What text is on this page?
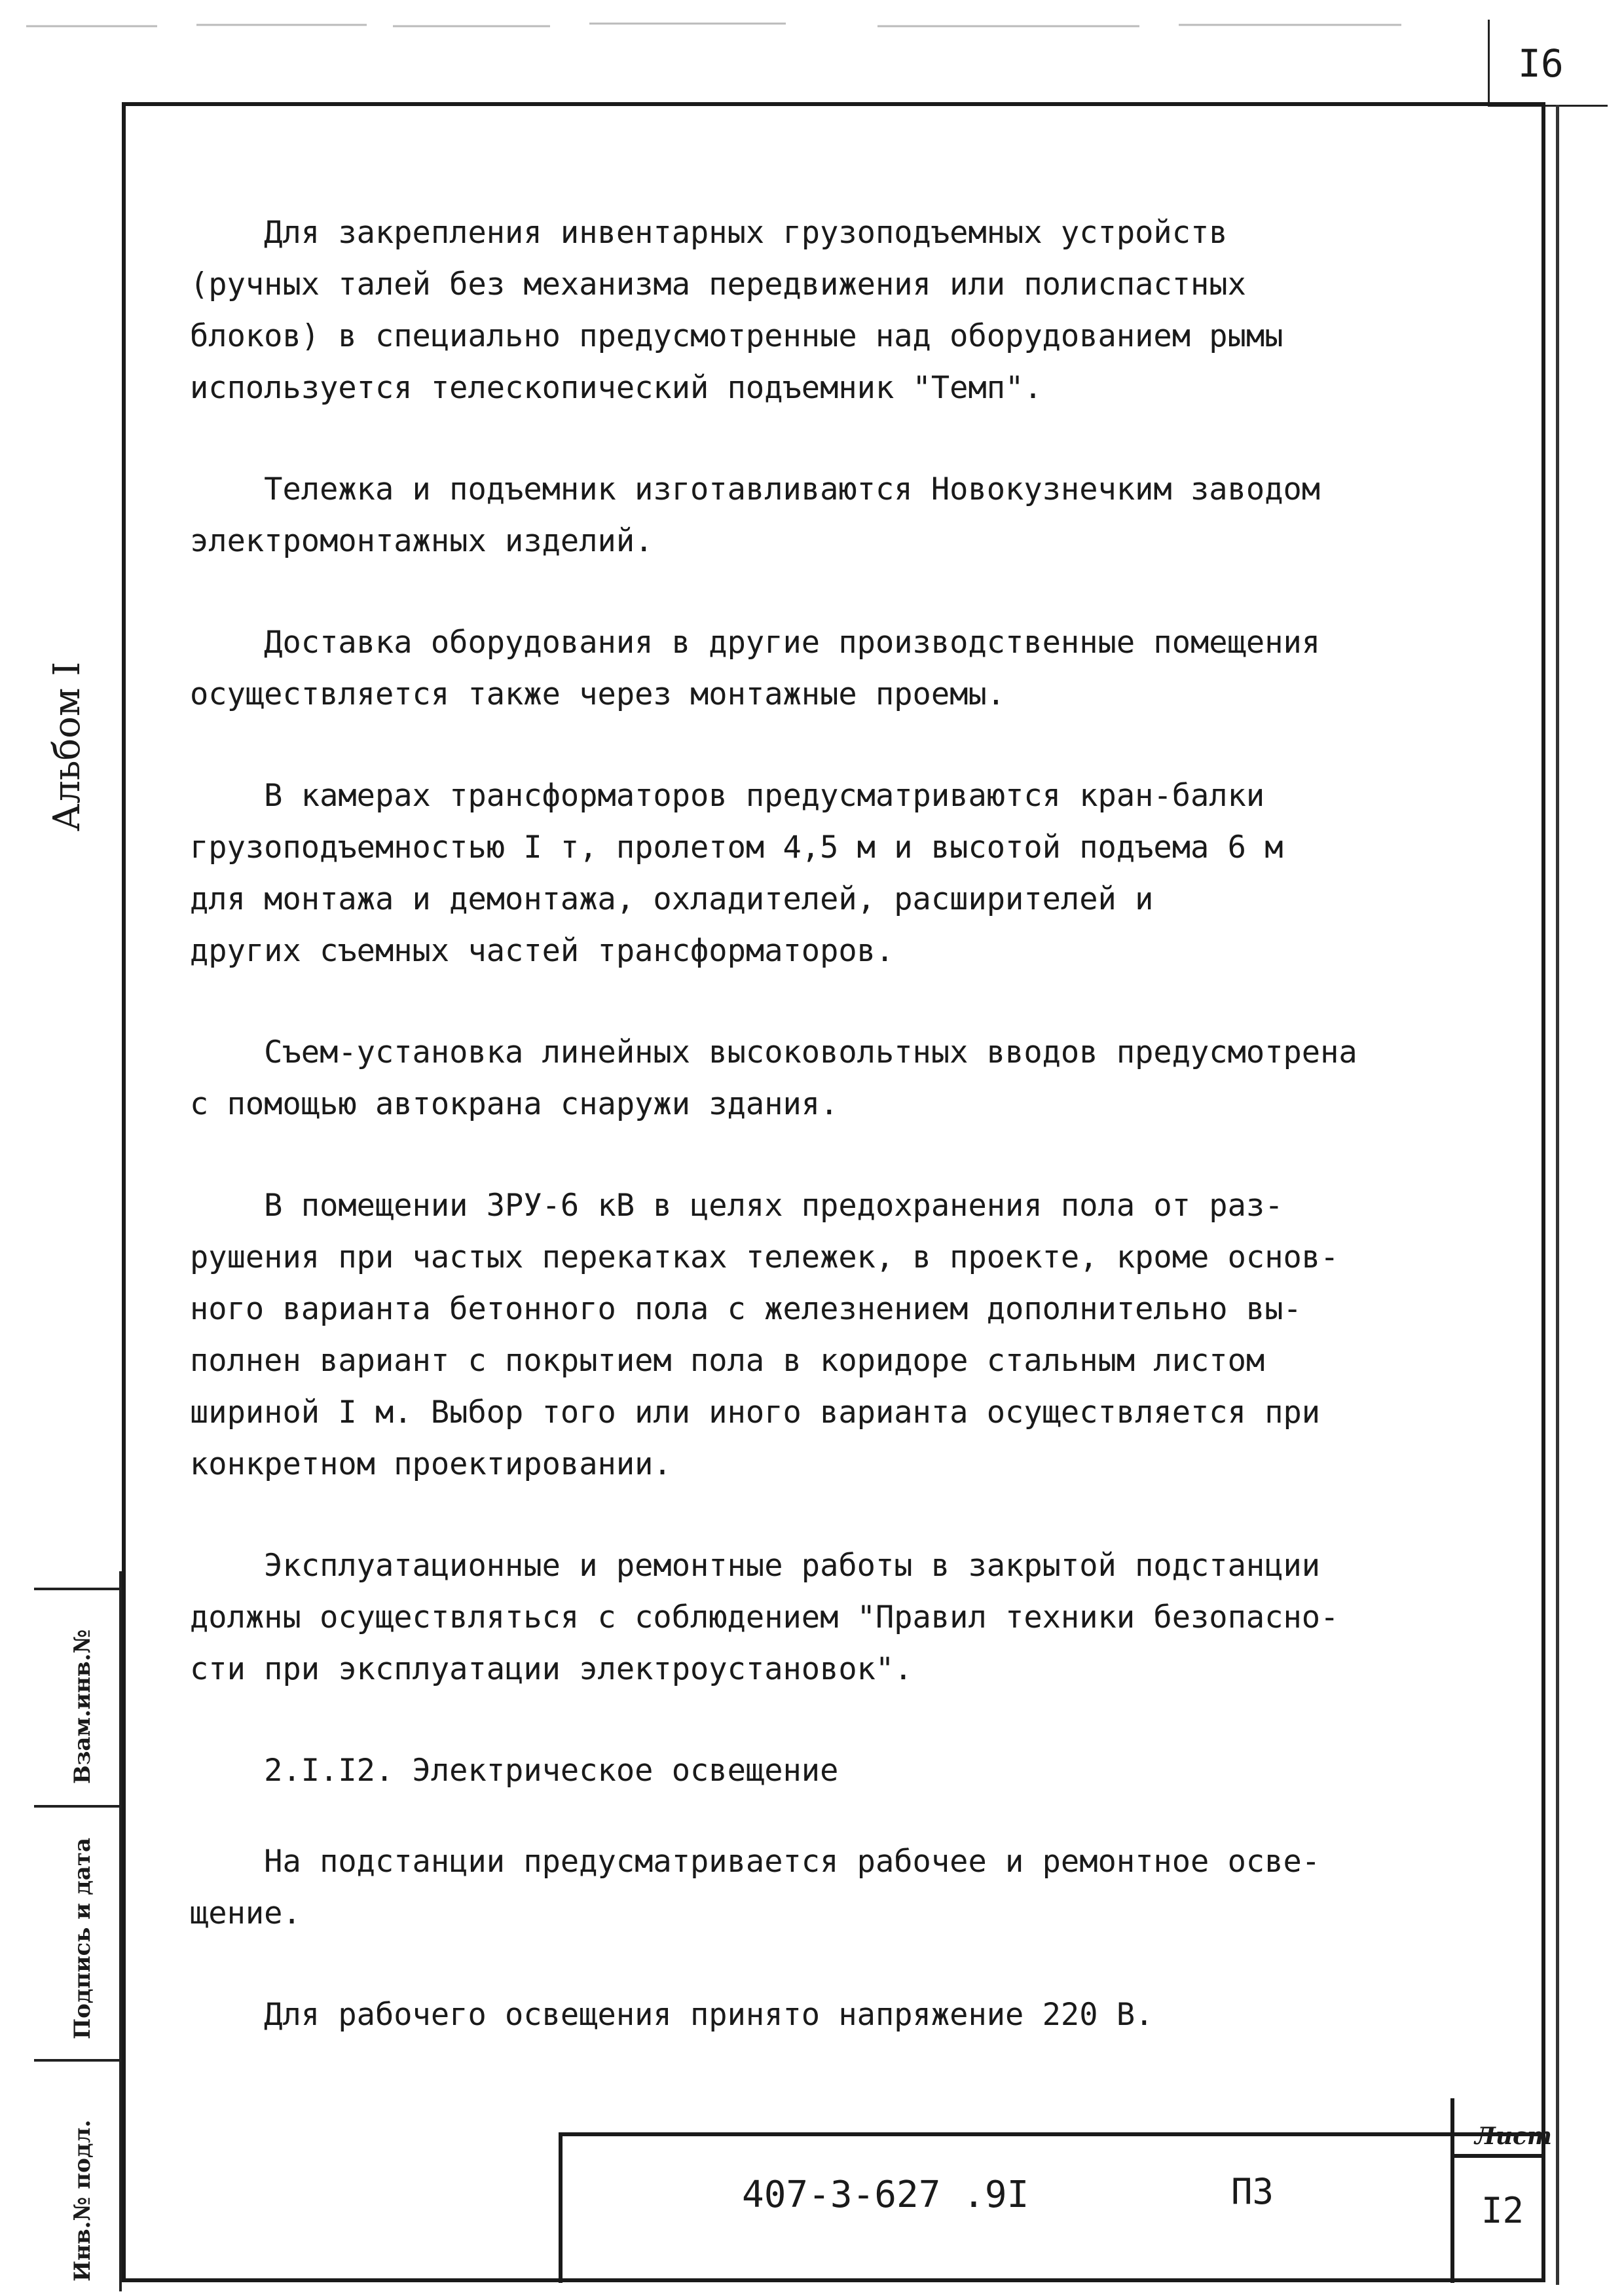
I6
Альбом I
Взам.инв.№
Подпись и дата
Инв.№ подл.
Для закрепления инвентарных грузоподъемных устройств
(ручных талей без механизма передвижения или полиспастных
блоков) в специально предусмотренные над оборудованием рымы
используется телескопический подъемник "Темп".
Тележка и подъемник изготавливаются Новокузнечким заводом
электромонтажных изделий.
Доставка оборудования в другие производственные помещения
осуществляется также через монтажные проемы.
В камерах трансформаторов предусматриваются кран-балки
грузоподъемностью I т, пролетом 4,5 м и высотой подъема 6 м
для монтажа и демонтажа, охладителей, расширителей и
других съемных частей трансформаторов.
Съем-установка линейных высоковольтных вводов предусмотрена
с помощью автокрана снаружи здания.
В помещении ЗРУ-6 кВ в целях предохранения пола от раз-
рушения при частых перекатках тележек, в проекте, кроме основ-
ного варианта бетонного пола с железнением дополнительно вы-
полнен вариант с покрытием пола в коридоре стальным листом
шириной I м. Выбор того или иного варианта осуществляется при
конкретном проектировании.
Эксплуатационные и ремонтные работы в закрытой подстанции
должны осуществляться с соблюдением "Правил техники безопасно-
сти при эксплуатации электроустановок".
2.I.I2. Электрическое освещение
На подстанции предусматривается рабочее и ремонтное осве-
щение.
Для рабочего освещения принято напряжение 220 В.
407-3-627 .9I	ПЗ
Лист
I2
